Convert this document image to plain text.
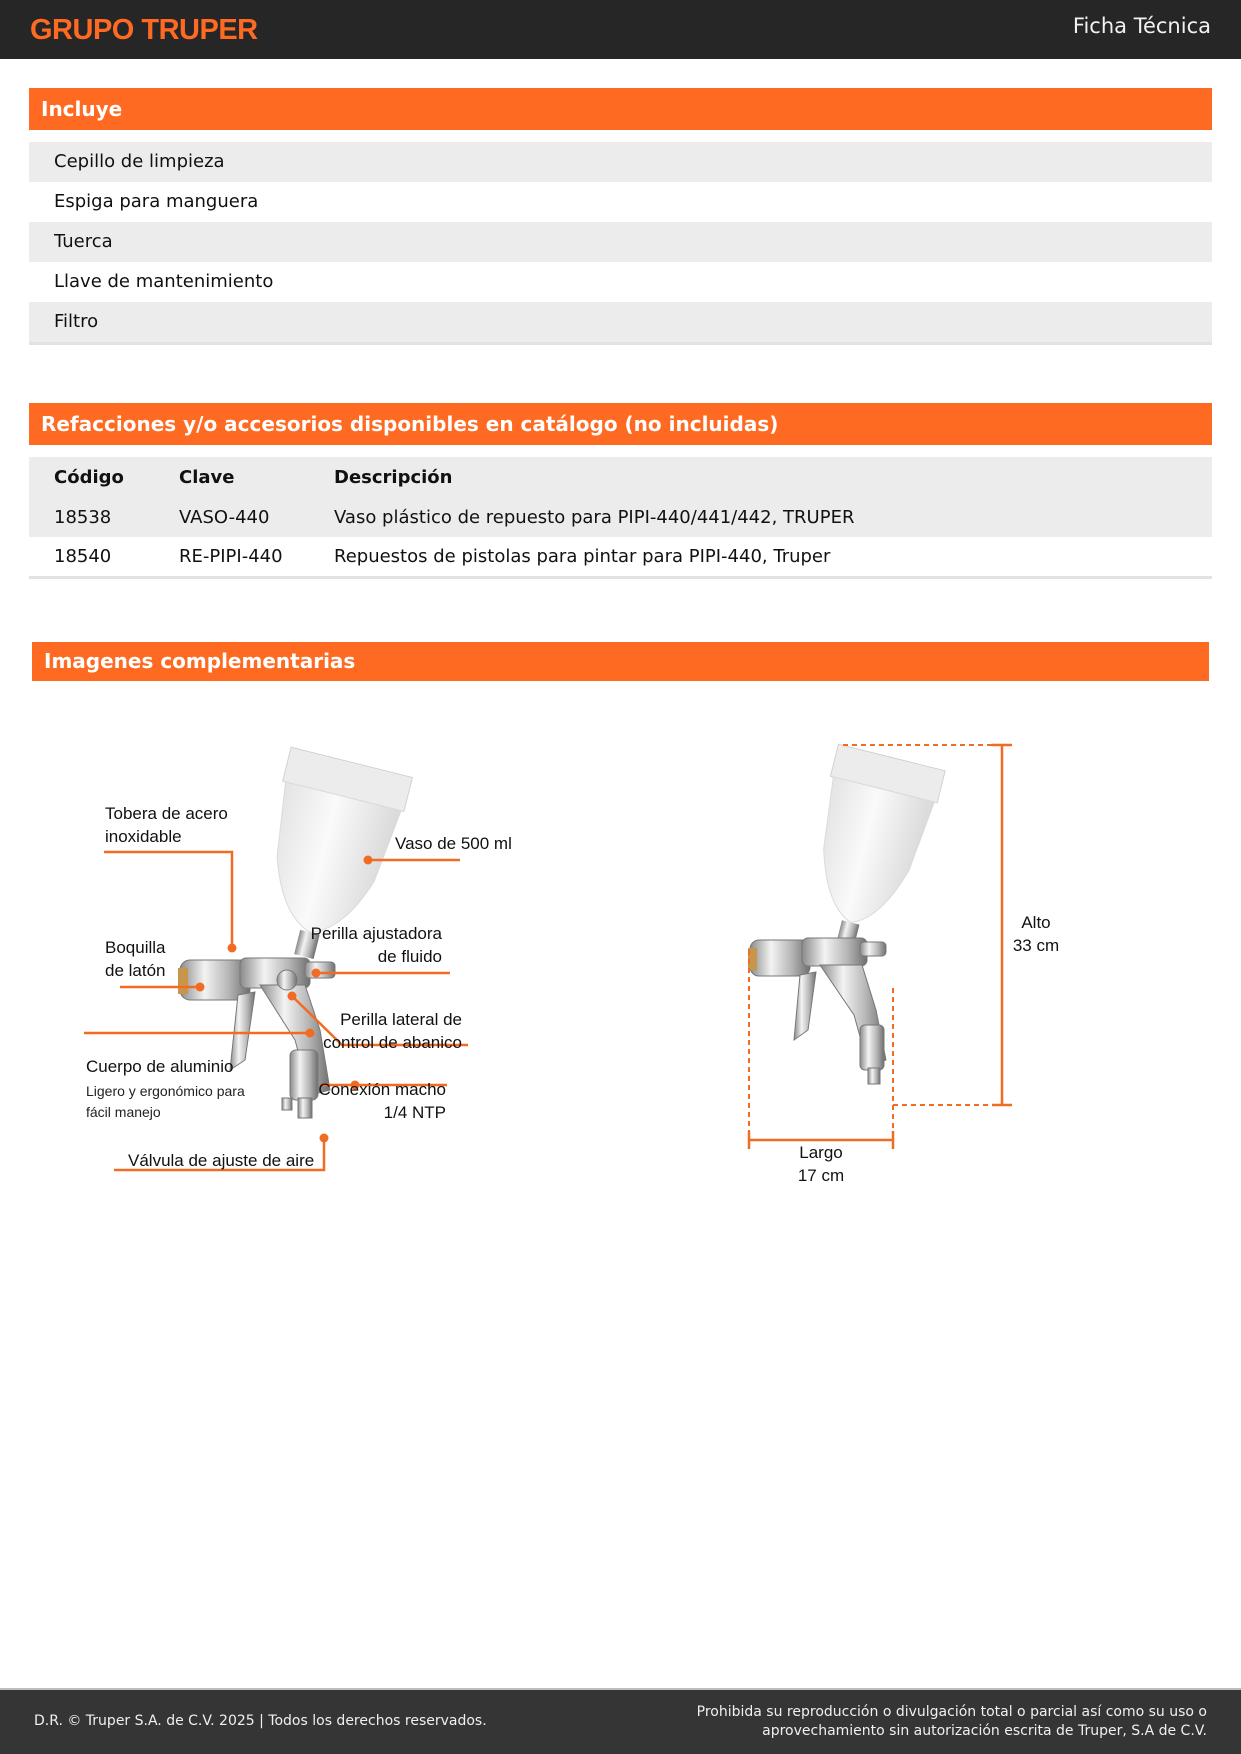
GRUPO TRUPER	Ficha Técnica
Incluye
Cepillo de limpieza
Espiga para manguera
Tuerca
Llave de mantenimiento
Filtro
Refacciones y/o accesorios disponibles en catálogo (no incluidas)
Código	Clave	Descripción
18538	VASO-440	Vaso plástico de repuesto para PIPI-440/441/442, TRUPER
18540	RE-PIPI-440	Repuestos de pistolas para pintar para PIPI-440, Truper
Imagenes complementarias
Tobera de acero
inoxidable	Vaso de 500 ml
Boquilla
de latón
Perilla ajustadora
de fluido
Perilla lateral de
control de abanico
Cuerpo de aluminio
Ligero y ergonómico para
fácil manejo
Conexión macho
1/4 NTP
Válvula de ajuste de aire
Alto
33 cm
Largo
17 cm
D.R. © Truper S.A. de C.V. 2025 | Todos los derechos reservados.
Prohibida su reproducción o divulgación total o parcial así como su uso o
aprovechamiento sin autorización escrita de Truper, S.A de C.V.
